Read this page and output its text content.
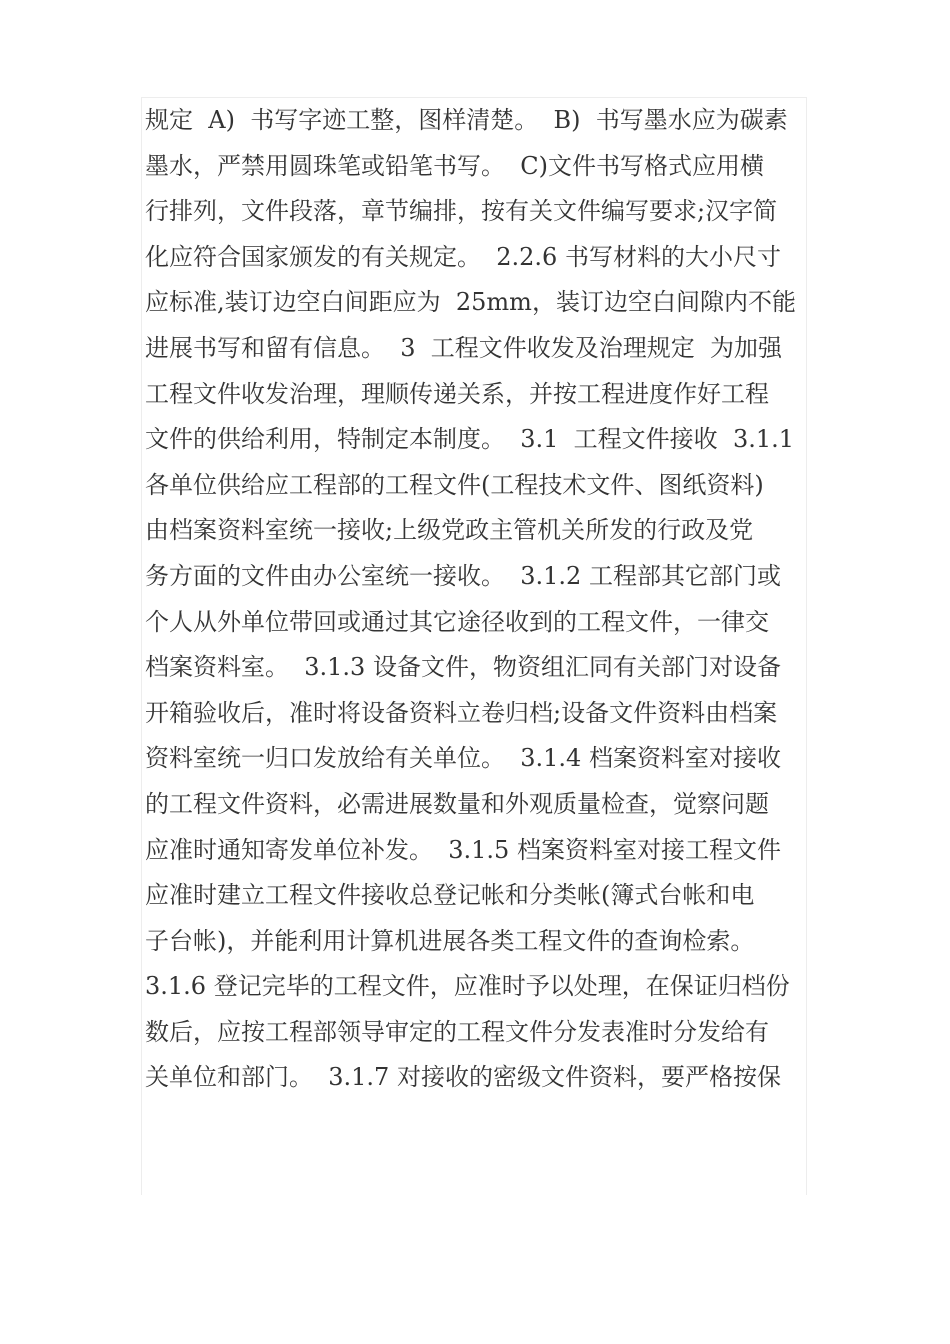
规定  A)  书写字迹工整，图样清楚。  B)  书写墨水应为碳素
墨水，严禁用圆珠笔或铅笔书写。  C)文件书写格式应用横
行排列，文件段落，章节编排，按有关文件编写要求;汉字简
化应符合国家颁发的有关规定。  2.2.6 书写材料的大小尺寸
应标准,装订边空白间距应为  25mm，装订边空白间隙内不能
进展书写和留有信息。  3  工程文件收发及治理规定  为加强
工程文件收发治理，理顺传递关系，并按工程进度作好工程
文件的供给利用，特制定本制度。  3.1  工程文件接收  3.1.1
各单位供给应工程部的工程文件(工程技术文件、图纸资料)
由档案资料室统一接收;上级党政主管机关所发的行政及党
务方面的文件由办公室统一接收。  3.1.2 工程部其它部门或
个人从外单位带回或通过其它途径收到的工程文件，一律交
档案资料室。  3.1.3 设备文件，物资组汇同有关部门对设备
开箱验收后，准时将设备资料立卷归档;设备文件资料由档案
资料室统一归口发放给有关单位。  3.1.4 档案资料室对接收
的工程文件资料，必需进展数量和外观质量检查，觉察问题
应准时通知寄发单位补发。  3.1.5 档案资料室对接工程文件
应准时建立工程文件接收总登记帐和分类帐(簿式台帐和电
子台帐)，并能利用计算机进展各类工程文件的查询检索。
3.1.6 登记完毕的工程文件，应准时予以处理，在保证归档份
数后，应按工程部领导审定的工程文件分发表准时分发给有
关单位和部门。  3.1.7 对接收的密级文件资料，要严格按保
